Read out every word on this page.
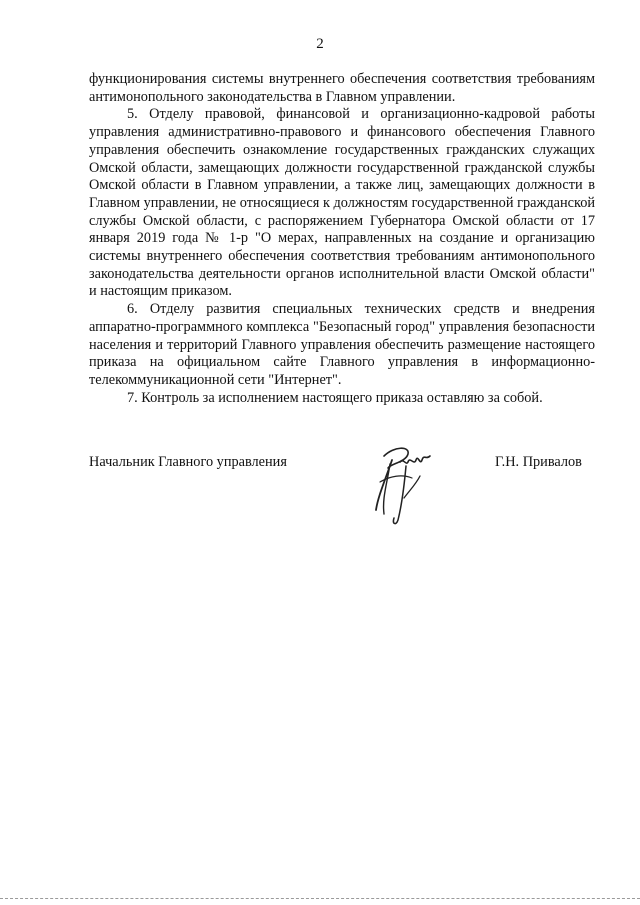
2

функционирования системы внутреннего обеспечения соответствия требованиям антимонопольного законодательства в Главном управлении.

5. Отделу правовой, финансовой и организационно-кадровой работы управления административно-правового и финансового обеспечения Главного управления обеспечить ознакомление государственных гражданских служащих Омской области, замещающих должности государственной гражданской службы Омской области в Главном управлении, а также лиц, замещающих должности в Главном управлении, не относящиеся к должностям государственной гражданской службы Омской области, с распоряжением Губернатора Омской области от 17 января 2019 года № 1-р "О мерах, направленных на создание и организацию системы внутреннего обеспечения соответствия требованиям антимонопольного законодательства деятельности органов исполнительной власти Омской области" и настоящим приказом.

6. Отделу развития специальных технических средств и внедрения аппаратно-программного комплекса "Безопасный город" управления безопасности населения и территорий Главного управления обеспечить размещение настоящего приказа на официальном сайте Главного управления в информационно-телекоммуникационной сети "Интернет".

7. Контроль за исполнением настоящего приказа оставляю за собой.

Начальник Главного управления	Г.Н. Привалов
